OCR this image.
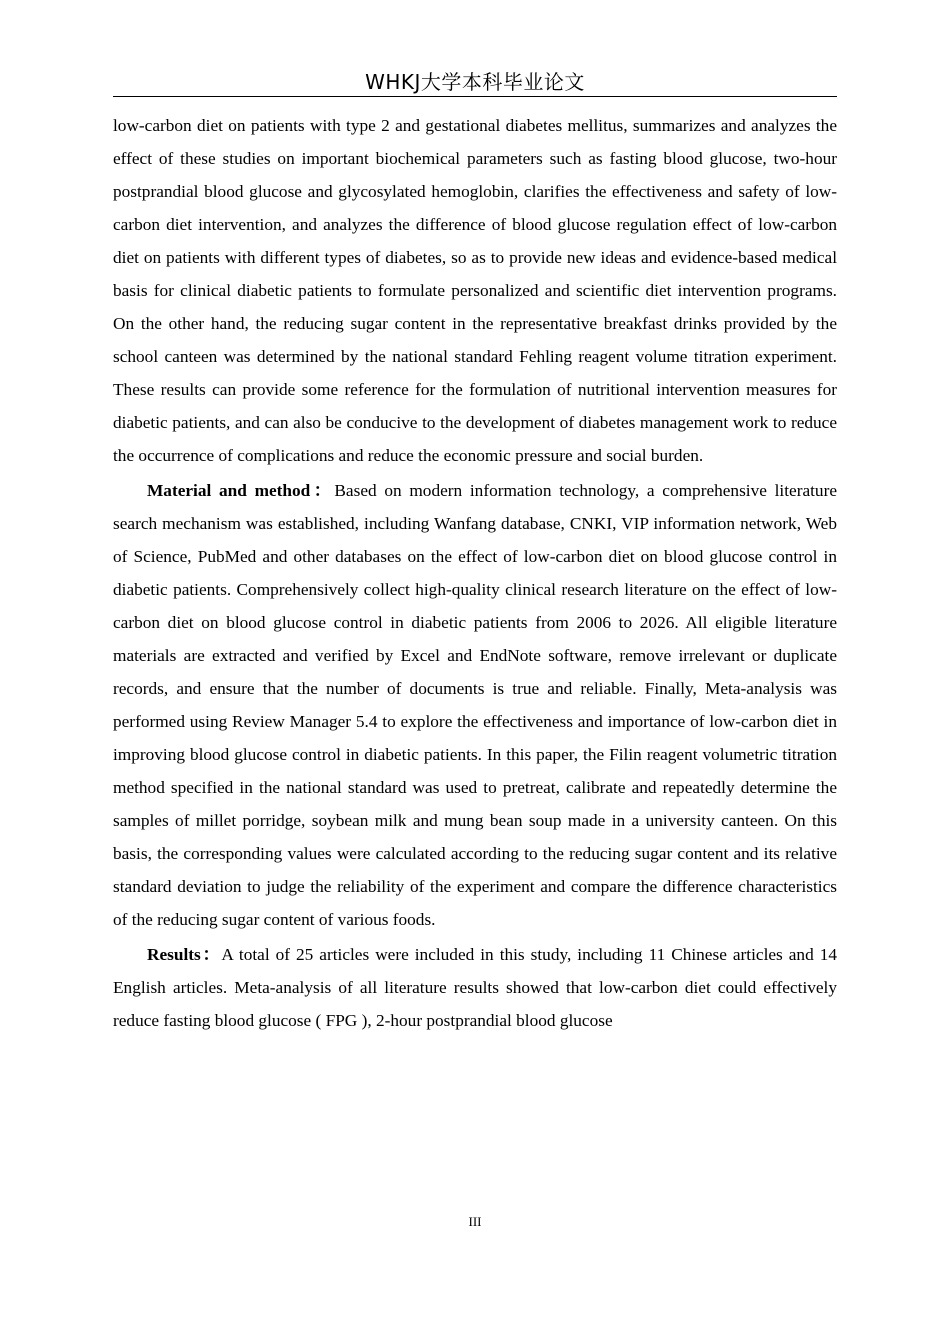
WHKJ大学本科毕业论文

low-carbon diet on patients with type 2 and gestational diabetes mellitus, summarizes and analyzes the effect of these studies on important biochemical parameters such as fasting blood glucose, two-hour postprandial blood glucose and glycosylated hemoglobin, clarifies the effectiveness and safety of low-carbon diet intervention, and analyzes the difference of blood glucose regulation effect of low-carbon diet on patients with different types of diabetes, so as to provide new ideas and evidence-based medical basis for clinical diabetic patients to formulate personalized and scientific diet intervention programs. On the other hand, the reducing sugar content in the representative breakfast drinks provided by the school canteen was determined by the national standard Fehling reagent volume titration experiment. These results can provide some reference for the formulation of nutritional intervention measures for diabetic patients, and can also be conducive to the development of diabetes management work to reduce the occurrence of complications and reduce the economic pressure and social burden.

Material and method：Based on modern information technology, a comprehensive literature search mechanism was established, including Wanfang database, CNKI, VIP information network, Web of Science, PubMed and other databases on the effect of low-carbon diet on blood glucose control in diabetic patients. Comprehensively collect high-quality clinical research literature on the effect of low-carbon diet on blood glucose control in diabetic patients from 2006 to 2026. All eligible literature materials are extracted and verified by Excel and EndNote software, remove irrelevant or duplicate records, and ensure that the number of documents is true and reliable. Finally, Meta-analysis was performed using Review Manager 5.4 to explore the effectiveness and importance of low-carbon diet in improving blood glucose control in diabetic patients. In this paper, the Filin reagent volumetric titration method specified in the national standard was used to pretreat, calibrate and repeatedly determine the samples of millet porridge, soybean milk and mung bean soup made in a university canteen. On this basis, the corresponding values were calculated according to the reducing sugar content and its relative standard deviation to judge the reliability of the experiment and compare the difference characteristics of the reducing sugar content of various foods.

Results：A total of 25 articles were included in this study, including 11 Chinese articles and 14 English articles. Meta-analysis of all literature results showed that low-carbon diet could effectively reduce fasting blood glucose ( FPG ), 2-hour postprandial blood glucose

III
